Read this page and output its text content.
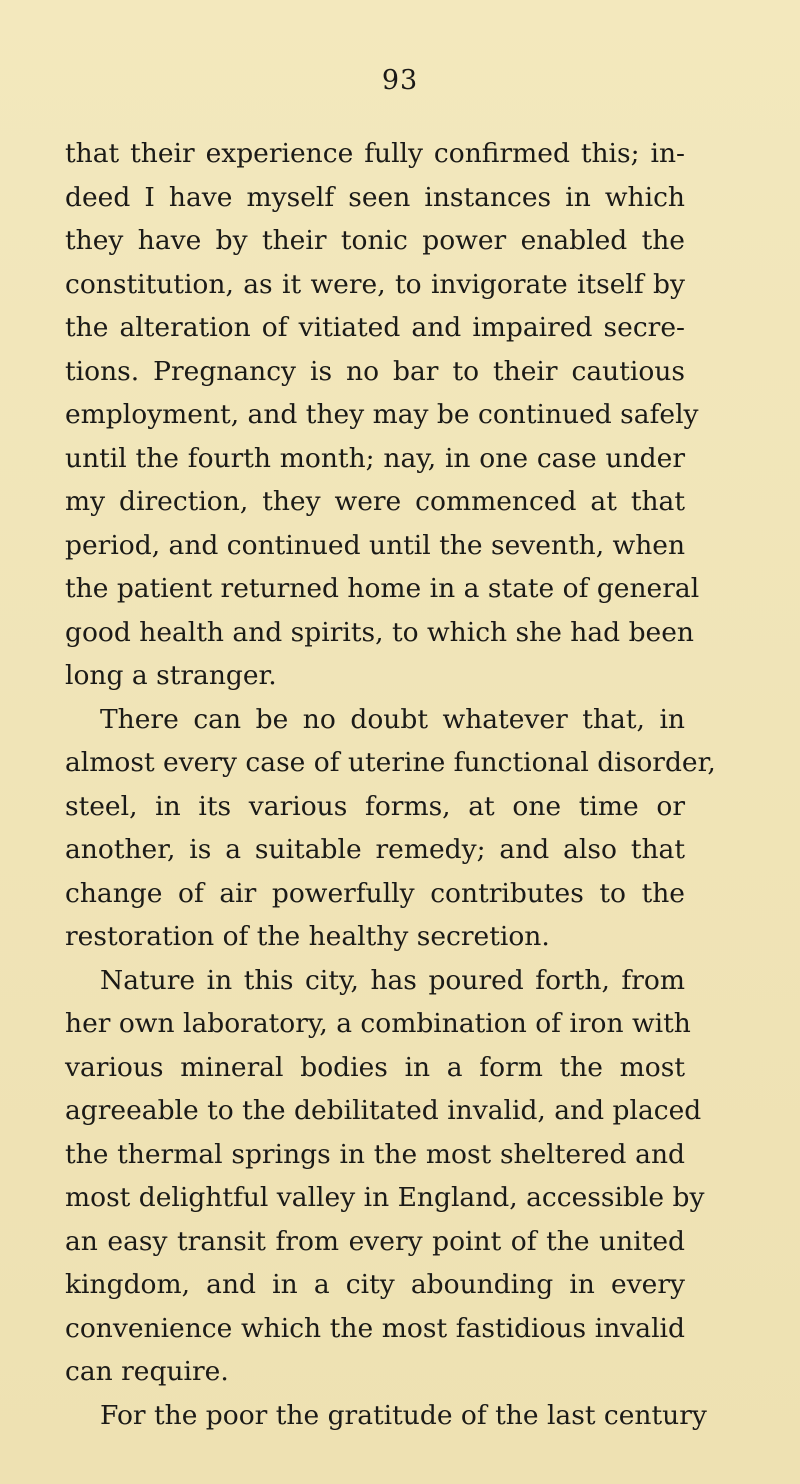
93
that their experience fully confirmed this; in-
deed I have myself seen instances in which
they have by their tonic power enabled the
constitution, as it were, to invigorate itself by
the alteration of vitiated and impaired secre-
tions. Pregnancy is no bar to their cautious
employment, and they may be continued safely
until the fourth month; nay, in one case under
my direction, they were commenced at that
period, and continued until the seventh, when
the patient returned home in a state of general
good health and spirits, to which she had been
long a stranger.
There can be no doubt whatever that, in
almost every case of uterine functional disorder,
steel, in its various forms, at one time or
another, is a suitable remedy; and also that
change of air powerfully contributes to the
restoration of the healthy secretion.
Nature in this city, has poured forth, from
her own laboratory, a combination of iron with
various mineral bodies in a form the most
agreeable to the debilitated invalid, and placed
the thermal springs in the most sheltered and
most delightful valley in England, accessible by
an easy transit from every point of the united
kingdom, and in a city abounding in every
convenience which the most fastidious invalid
can require.
For the poor the gratitude of the last century
